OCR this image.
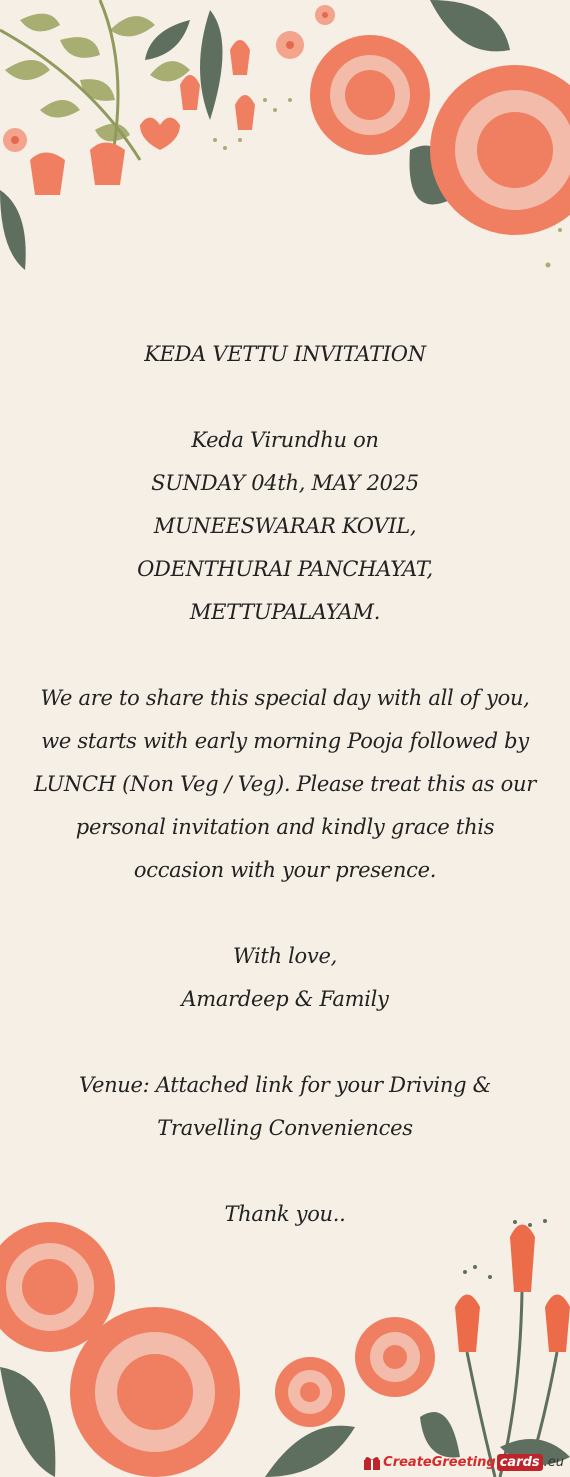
KEDA VETTU INVITATION

Keda Virundhu on

SUNDAY 04th, MAY 2025

MUNEESWARAR KOVIL,

ODENTHURAI PANCHAYAT,

METTUPALAYAM.

We are to share this special day with all of you, we starts with early morning Pooja followed by LUNCH (Non Veg / Veg). Please treat this as our personal invitation and kindly grace this occasion with your presence.

With love,

Amardeep & Family

Venue: Attached link for your Driving & Travelling Conveniences

Thank you..

CreateGreeting cards .eu
